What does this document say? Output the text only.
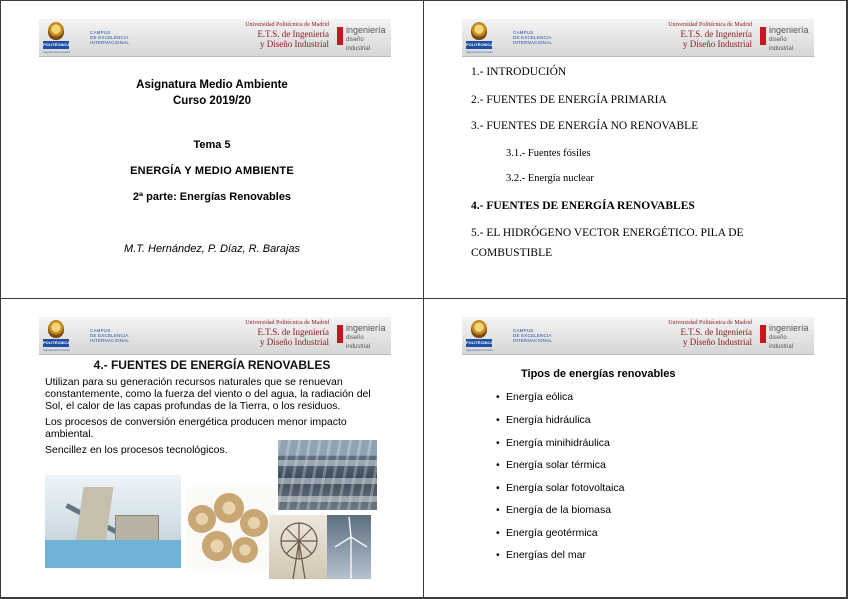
POLITÉCNICA
Ingeniamos el futuro
CAMPUS
DE EXCELENCIA
INTERNACIONAL
Universidad Politécnica de Madrid
E.T.S. de Ingeniería
y Diseño Industrial
ingeniería
diseño industrial
Asignatura Medio Ambiente
Curso 2019/20
Tema 5
ENERGÍA Y MEDIO AMBIENTE
2ª parte: Energías Renovables
M.T. Hernández, P. Díaz, R. Barajas
POLITÉCNICA
Ingeniamos el futuro
CAMPUS
DE EXCELENCIA
INTERNACIONAL
Universidad Politécnica de Madrid
E.T.S. de Ingeniería
y Diseño Industrial
ingeniería
diseño industrial
1.- INTRODUCIÓN
2.- FUENTES DE ENERGÍA PRIMARIA
3.- FUENTES DE ENERGÍA NO RENOVABLE
3.1.- Fuentes fósiles
3.2.- Energía nuclear
4.- FUENTES DE ENERGÍA RENOVABLES
5.- EL HIDRÓGENO VECTOR ENERGÉTICO. PILA DE COMBUSTIBLE
POLITÉCNICA
Ingeniamos el futuro
CAMPUS
DE EXCELENCIA
INTERNACIONAL
Universidad Politécnica de Madrid
E.T.S. de Ingeniería
y Diseño Industrial
ingeniería
diseño industrial
4.- FUENTES DE ENERGÍA RENOVABLES
Utilizan para su generación recursos naturales que se renuevan constantemente, como la fuerza del viento o del agua, la radiación del Sol, el calor de las capas profundas de la Tierra, o los residuos.
Los procesos de conversión energética producen menor impacto ambiental.
Sencillez en los procesos tecnológicos.
POLITÉCNICA
Ingeniamos el futuro
CAMPUS
DE EXCELENCIA
INTERNACIONAL
Universidad Politécnica de Madrid
E.T.S. de Ingeniería
y Diseño Industrial
ingeniería
diseño industrial
Tipos de energías renovables
• Energía eólica
• Energía hidráulica
• Energía minihidráulica
• Energía solar térmica
• Energía solar fotovoltaica
• Energía de la biomasa
• Energía geotérmica
• Energías del mar
